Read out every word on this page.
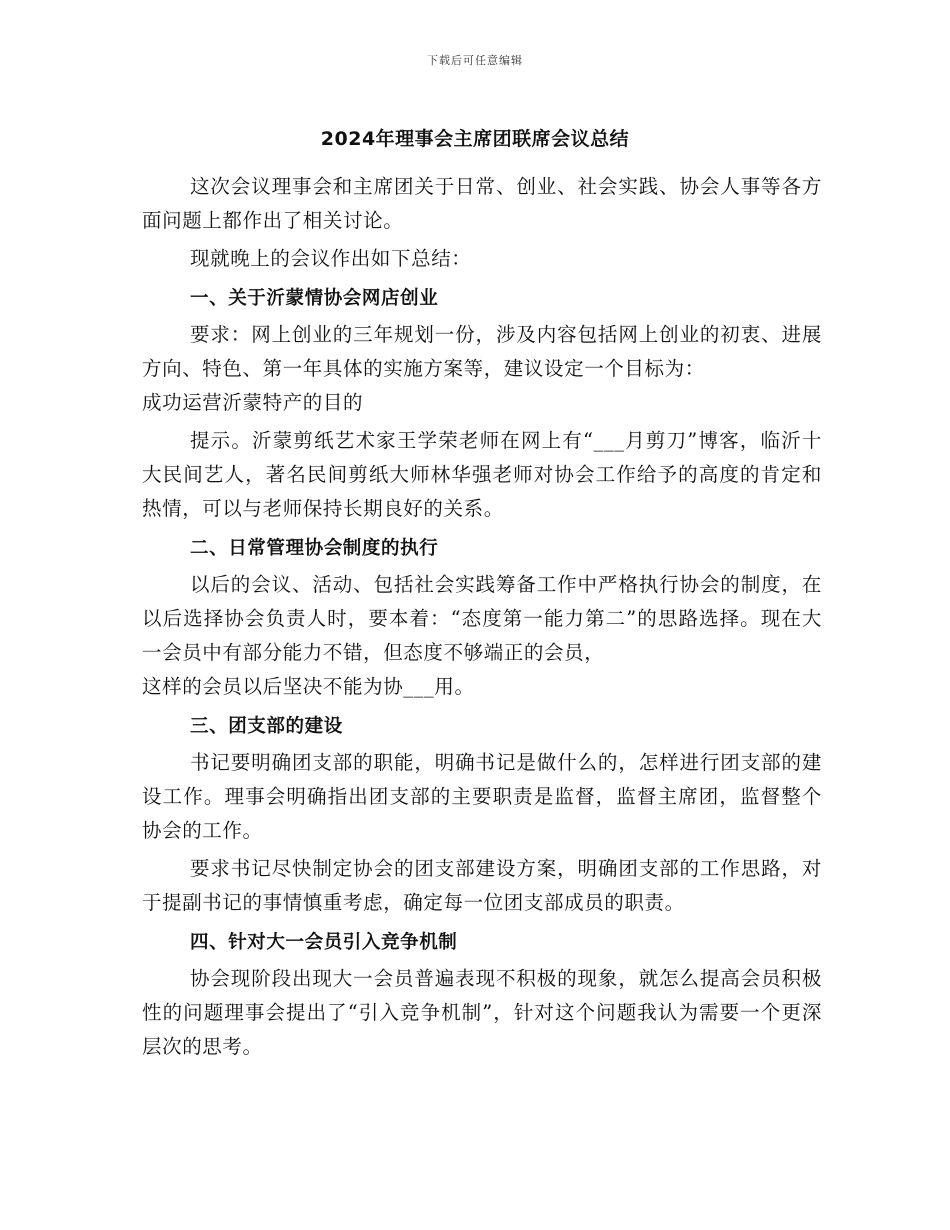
下载后可任意编辑
2024年理事会主席团联席会议总结

这次会议理事会和主席团关于日常、创业、社会实践、协会人事等各方面问题上都作出了相关讨论。

现就晚上的会议作出如下总结：

一、关于沂蒙情协会网店创业

要求：网上创业的三年规划一份，涉及内容包括网上创业的初衷、进展方向、特色、第一年具体的实施方案等，建议设定一个目标为：

成功运营沂蒙特产的目的

提示。沂蒙剪纸艺术家王学荣老师在网上有“___月剪刀”博客，临沂十大民间艺人，著名民间剪纸大师林华强老师对协会工作给予的高度的肯定和热情，可以与老师保持长期良好的关系。

二、日常管理协会制度的执行

以后的会议、活动、包括社会实践筹备工作中严格执行协会的制度，在以后选择协会负责人时，要本着：“态度第一能力第二”的思路选择。现在大一会员中有部分能力不错，但态度不够端正的会员，

这样的会员以后坚决不能为协___用。

三、团支部的建设

书记要明确团支部的职能，明确书记是做什么的，怎样进行团支部的建设工作。理事会明确指出团支部的主要职责是监督，监督主席团，监督整个协会的工作。

要求书记尽快制定协会的团支部建设方案，明确团支部的工作思路，对于提副书记的事情慎重考虑，确定每一位团支部成员的职责。

四、针对大一会员引入竞争机制

协会现阶段出现大一会员普遍表现不积极的现象，就怎么提高会员积极性的问题理事会提出了“引入竞争机制”，针对这个问题我认为需要一个更深层次的思考。
